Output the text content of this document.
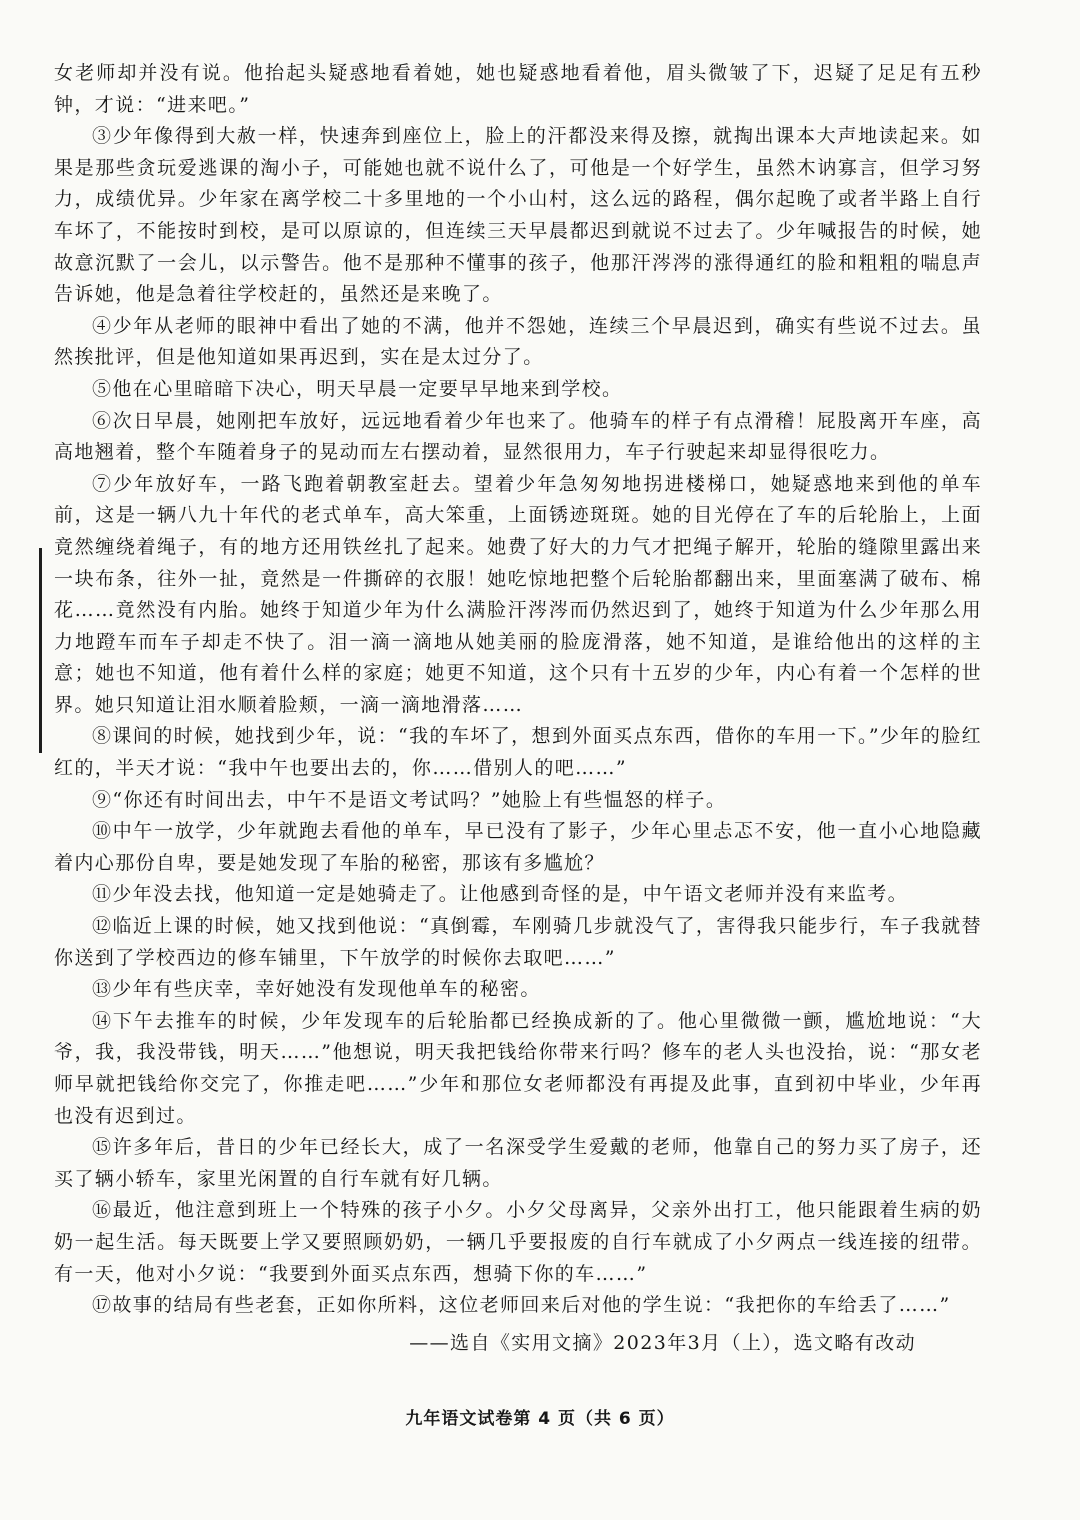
女老师却并没有说。他抬起头疑惑地看着她，她也疑惑地看着他，眉头微皱了下，迟疑了足足有五秒钟，才说：“进来吧。”

③少年像得到大赦一样，快速奔到座位上，脸上的汗都没来得及擦，就掏出课本大声地读起来。如果是那些贪玩爱逃课的淘小子，可能她也就不说什么了，可他是一个好学生，虽然木讷寡言，但学习努力，成绩优异。少年家在离学校二十多里地的一个小山村，这么远的路程，偶尔起晚了或者半路上自行车坏了，不能按时到校，是可以原谅的，但连续三天早晨都迟到就说不过去了。少年喊报告的时候，她故意沉默了一会儿，以示警告。他不是那种不懂事的孩子，他那汗涔涔的涨得通红的脸和粗粗的喘息声告诉她，他是急着往学校赶的，虽然还是来晚了。

④少年从老师的眼神中看出了她的不满，他并不怨她，连续三个早晨迟到，确实有些说不过去。虽然挨批评，但是他知道如果再迟到，实在是太过分了。

⑤他在心里暗暗下决心，明天早晨一定要早早地来到学校。

⑥次日早晨，她刚把车放好，远远地看着少年也来了。他骑车的样子有点滑稽！屁股离开车座，高高地翘着，整个车随着身子的晃动而左右摆动着，显然很用力，车子行驶起来却显得很吃力。

⑦少年放好车，一路飞跑着朝教室赶去。望着少年急匆匆地拐进楼梯口，她疑惑地来到他的单车前，这是一辆八九十年代的老式单车，高大笨重，上面锈迹斑斑。她的目光停在了车的后轮胎上，上面竟然缠绕着绳子，有的地方还用铁丝扎了起来。她费了好大的力气才把绳子解开，轮胎的缝隙里露出来一块布条，往外一扯，竟然是一件撕碎的衣服！她吃惊地把整个后轮胎都翻出来，里面塞满了破布、棉花……竟然没有内胎。她终于知道少年为什么满脸汗涔涔而仍然迟到了，她终于知道为什么少年那么用力地蹬车而车子却走不快了。泪一滴一滴地从她美丽的脸庞滑落，她不知道，是谁给他出的这样的主意；她也不知道，他有着什么样的家庭；她更不知道，这个只有十五岁的少年，内心有着一个怎样的世界。她只知道让泪水顺着脸颊，一滴一滴地滑落……

⑧课间的时候，她找到少年，说：“我的车坏了，想到外面买点东西，借你的车用一下。”少年的脸红红的，半天才说：“我中午也要出去的，你……借别人的吧……”

⑨“你还有时间出去，中午不是语文考试吗？”她脸上有些愠怒的样子。

⑩中午一放学，少年就跑去看他的单车，早已没有了影子，少年心里忐忑不安，他一直小心地隐藏着内心那份自卑，要是她发现了车胎的秘密，那该有多尴尬？

⑪少年没去找，他知道一定是她骑走了。让他感到奇怪的是，中午语文老师并没有来监考。

⑫临近上课的时候，她又找到他说：“真倒霉，车刚骑几步就没气了，害得我只能步行，车子我就替你送到了学校西边的修车铺里，下午放学的时候你去取吧……”

⑬少年有些庆幸，幸好她没有发现他单车的秘密。

⑭下午去推车的时候，少年发现车的后轮胎都已经换成新的了。他心里微微一颤，尴尬地说：“大爷，我，我没带钱，明天……”他想说，明天我把钱给你带来行吗？修车的老人头也没抬，说：“那女老师早就把钱给你交完了，你推走吧……”少年和那位女老师都没有再提及此事，直到初中毕业，少年再也没有迟到过。

⑮许多年后，昔日的少年已经长大，成了一名深受学生爱戴的老师，他靠自己的努力买了房子，还买了辆小轿车，家里光闲置的自行车就有好几辆。

⑯最近，他注意到班上一个特殊的孩子小夕。小夕父母离异，父亲外出打工，他只能跟着生病的奶奶一起生活。每天既要上学又要照顾奶奶，一辆几乎要报废的自行车就成了小夕两点一线连接的纽带。有一天，他对小夕说：“我要到外面买点东西，想骑下你的车……”

⑰故事的结局有些老套，正如你所料，这位老师回来后对他的学生说：“我把你的车给丢了……”

——选自《实用文摘》2023年3月（上），选文略有改动

九年语文试卷第 4 页（共 6 页）
